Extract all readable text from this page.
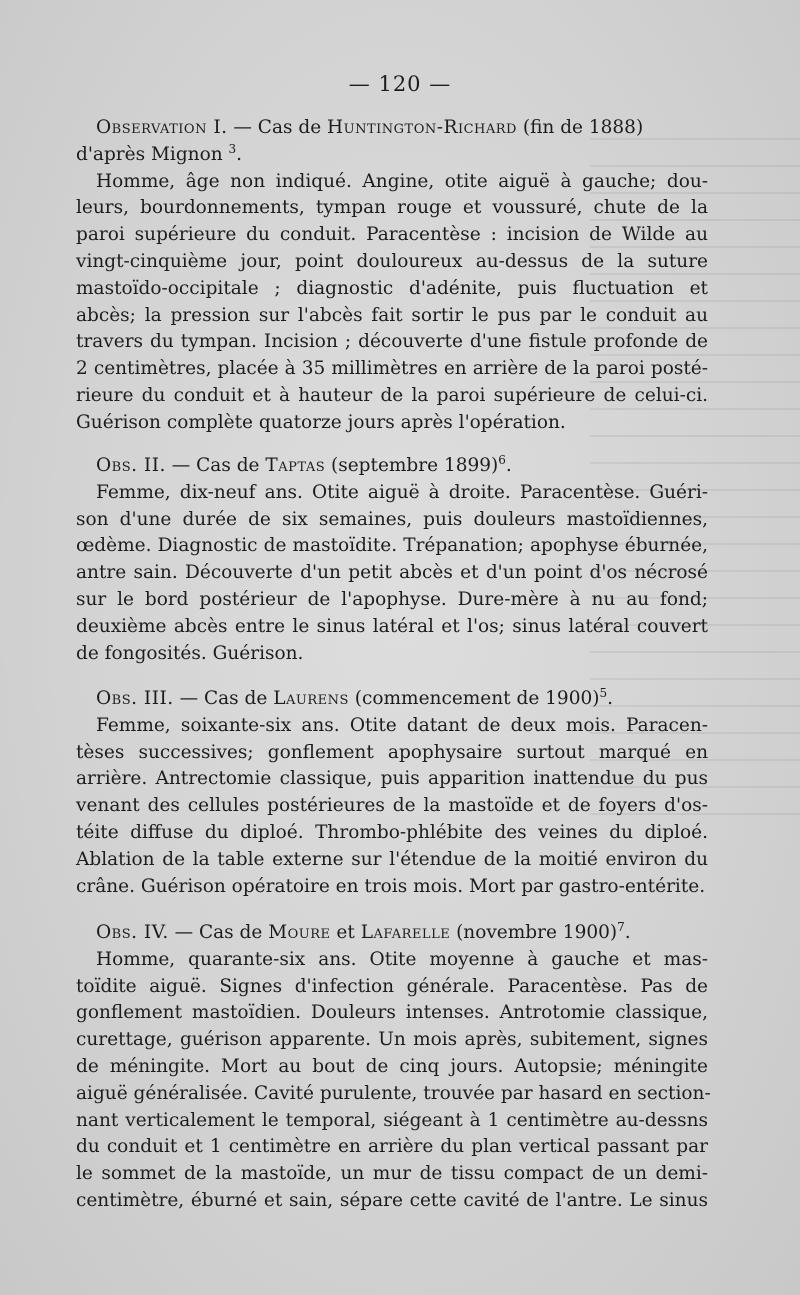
— 120 —
Observation I. — Cas de Huntington-Richard (fin de 1888)
d'après Mignon $^3$.
Homme, âge non indiqué. Angine, otite aiguë à gauche; dou-
leurs, bourdonnements, tympan rouge et voussuré, chute de la
paroi supérieure du conduit. Paracentèse : incision de Wilde au
vingt-cinquième jour, point douloureux au-dessus de la suture
mastoïdo-occipitale ; diagnostic d'adénite, puis fluctuation et
abcès; la pression sur l'abcès fait sortir le pus par le conduit au
travers du tympan. Incision ; découverte d'une fistule profonde de
2 centimètres, placée à 35 millimètres en arrière de la paroi posté-
rieure du conduit et à hauteur de la paroi supérieure de celui-ci.
Guérison complète quatorze jours après l'opération.
Obs. II. — Cas de Taptas (septembre 1899)$^6$.
Femme, dix-neuf ans. Otite aiguë à droite. Paracentèse. Guéri-
son d'une durée de six semaines, puis douleurs mastoïdiennes,
œdème. Diagnostic de mastoïdite. Trépanation; apophyse éburnée,
antre sain. Découverte d'un petit abcès et d'un point d'os nécrosé
sur le bord postérieur de l'apophyse. Dure-mère à nu au fond;
deuxième abcès entre le sinus latéral et l'os; sinus latéral couvert
de fongosités. Guérison.
Obs. III. — Cas de Laurens (commencement de 1900)$^5$.
Femme, soixante-six ans. Otite datant de deux mois. Paracen-
tèses successives; gonflement apophysaire surtout marqué en
arrière. Antrectomie classique, puis apparition inattendue du pus
venant des cellules postérieures de la mastoïde et de foyers d'os-
téite diffuse du diploé. Thrombo-phlébite des veines du diploé.
Ablation de la table externe sur l'étendue de la moitié environ du
crâne. Guérison opératoire en trois mois. Mort par gastro-entérite.
Obs. IV. — Cas de Moure et Lafarelle (novembre 1900)$^7$.
Homme, quarante-six ans. Otite moyenne à gauche et mas-
toïdite aiguë. Signes d'infection générale. Paracentèse. Pas de
gonflement mastoïdien. Douleurs intenses. Antrotomie classique,
curettage, guérison apparente. Un mois après, subitement, signes
de méningite. Mort au bout de cinq jours. Autopsie; méningite
aiguë généralisée. Cavité purulente, trouvée par hasard en section-
nant verticalement le temporal, siégeant à 1 centimètre au-dessns
du conduit et 1 centimètre en arrière du plan vertical passant par
le sommet de la mastoïde, un mur de tissu compact de un demi-
centimètre, éburné et sain, sépare cette cavité de l'antre. Le sinus
